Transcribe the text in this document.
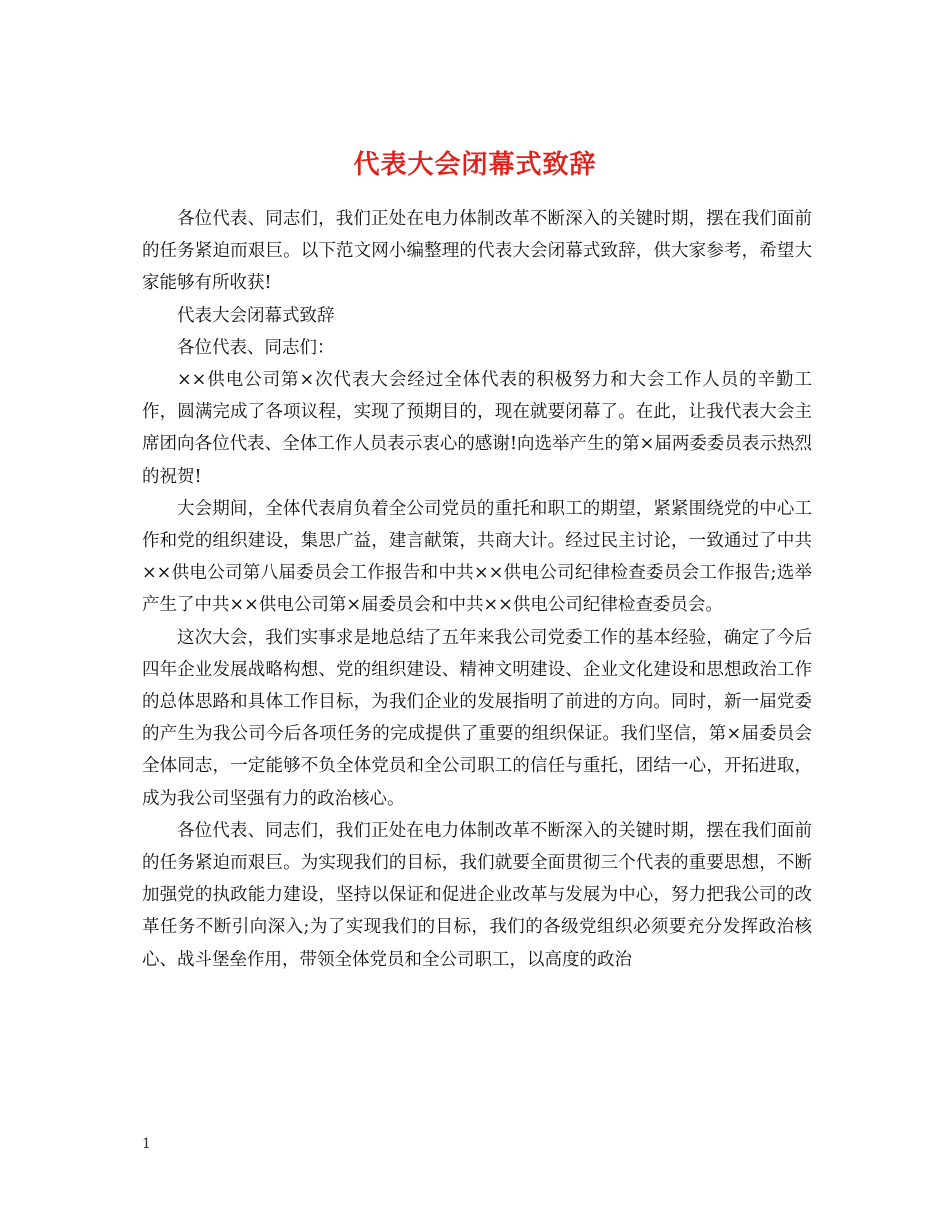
代表大会闭幕式致辞

各位代表、同志们，我们正处在电力体制改革不断深入的关键时期，摆在我们面前的任务紧迫而艰巨。以下范文网小编整理的代表大会闭幕式致辞，供大家参考，希望大家能够有所收获!

代表大会闭幕式致辞

各位代表、同志们：

××供电公司第×次代表大会经过全体代表的积极努力和大会工作人员的辛勤工作，圆满完成了各项议程，实现了预期目的，现在就要闭幕了。在此，让我代表大会主席团向各位代表、全体工作人员表示衷心的感谢!向选举产生的第×届两委委员表示热烈的祝贺!

大会期间，全体代表肩负着全公司党员的重托和职工的期望，紧紧围绕党的中心工作和党的组织建设，集思广益，建言献策，共商大计。经过民主讨论，一致通过了中共××供电公司第八届委员会工作报告和中共××供电公司纪律检查委员会工作报告;选举产生了中共××供电公司第×届委员会和中共××供电公司纪律检查委员会。

这次大会，我们实事求是地总结了五年来我公司党委工作的基本经验，确定了今后四年企业发展战略构想、党的组织建设、精神文明建设、企业文化建设和思想政治工作的总体思路和具体工作目标，为我们企业的发展指明了前进的方向。同时，新一届党委的产生为我公司今后各项任务的完成提供了重要的组织保证。我们坚信，第×届委员会全体同志，一定能够不负全体党员和全公司职工的信任与重托，团结一心，开拓进取，成为我公司坚强有力的政治核心。

各位代表、同志们，我们正处在电力体制改革不断深入的关键时期，摆在我们面前的任务紧迫而艰巨。为实现我们的目标，我们就要全面贯彻三个代表的重要思想，不断加强党的执政能力建设，坚持以保证和促进企业改革与发展为中心，努力把我公司的改革任务不断引向深入;为了实现我们的目标，我们的各级党组织必须要充分发挥政治核心、战斗堡垒作用，带领全体党员和全公司职工，以高度的政治

1
